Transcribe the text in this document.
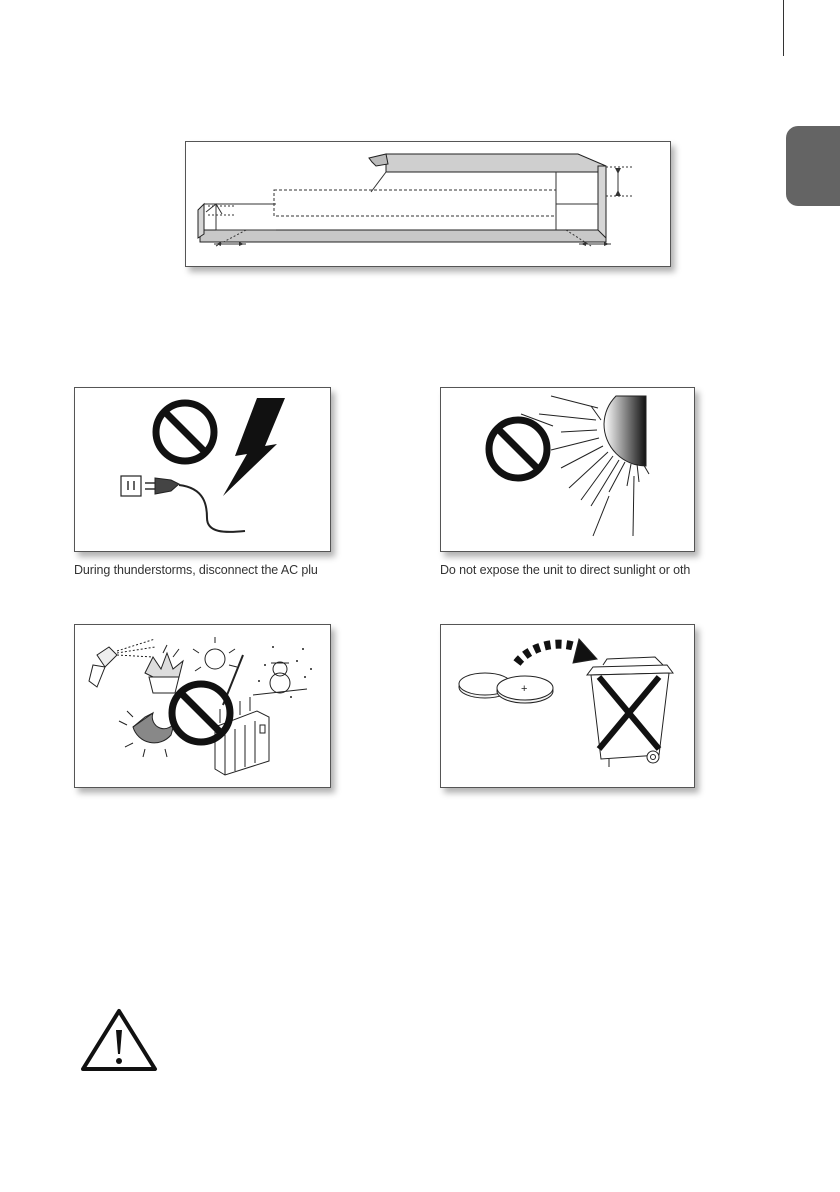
During thunderstorms, disconnect the AC plu	Do not expose the unit to direct sunlight or oth
+
